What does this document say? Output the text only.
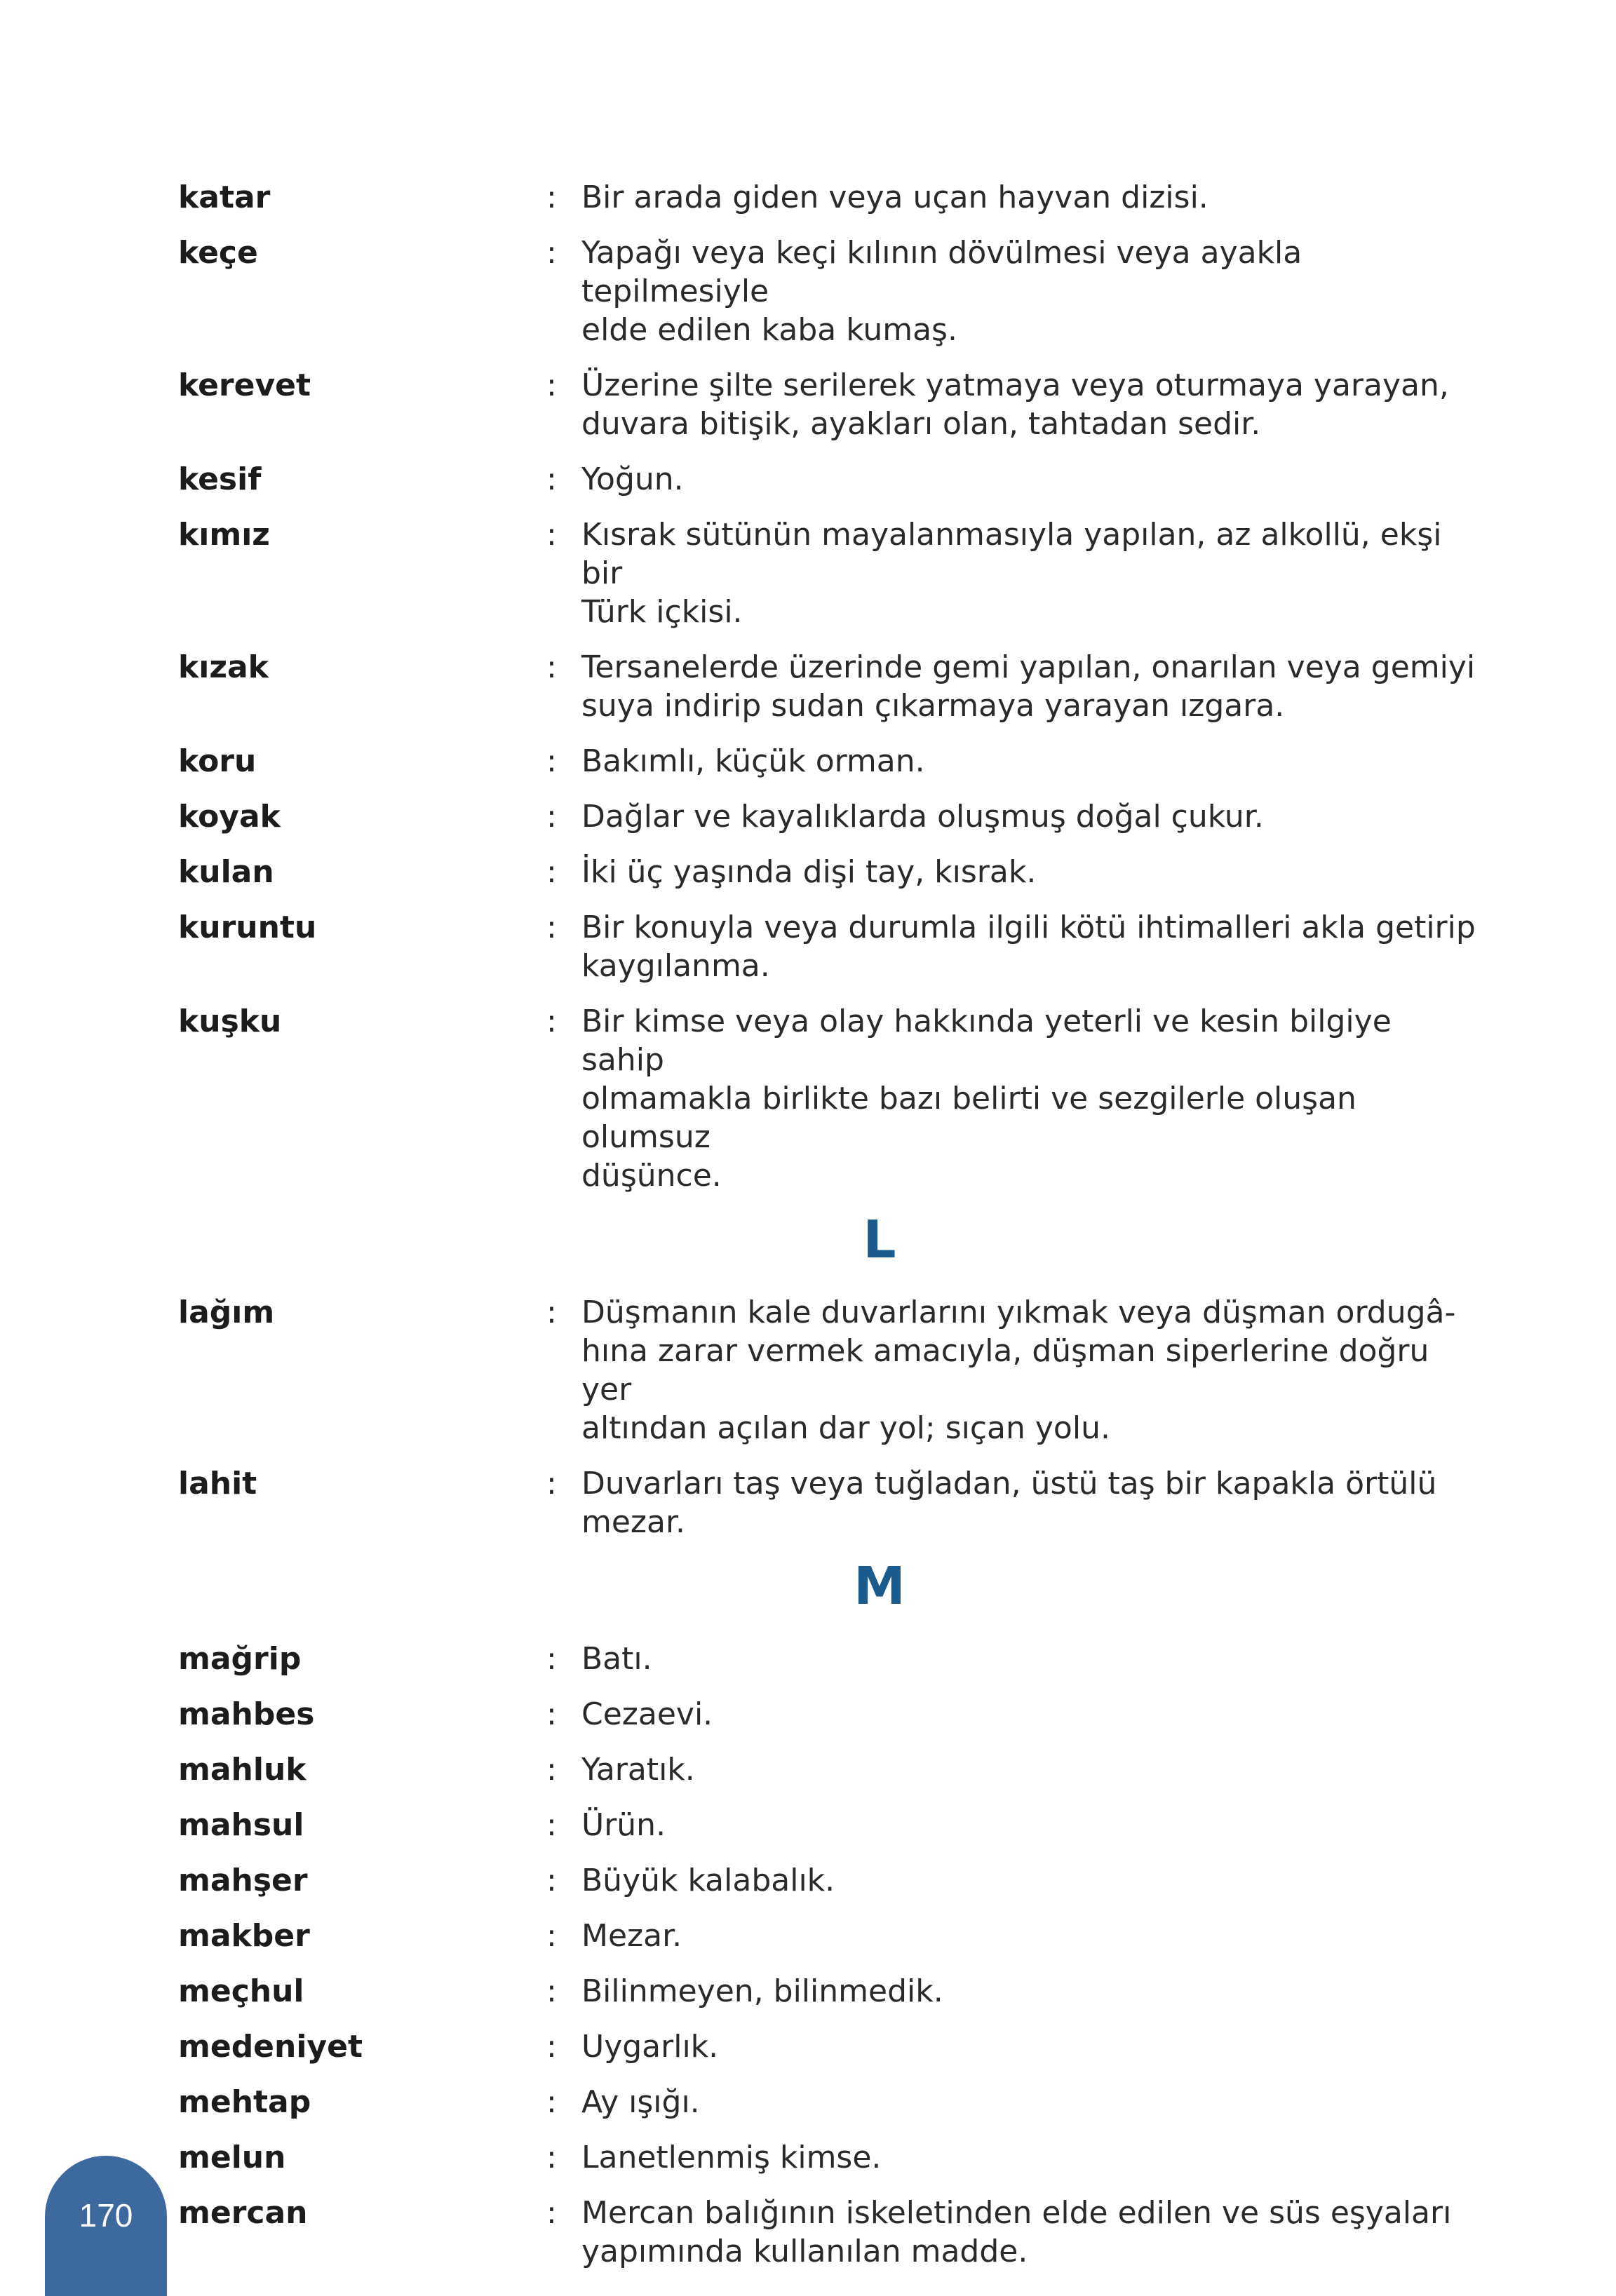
katar	: Bir arada giden veya uçan hayvan dizisi.
keçe	: Yapağı veya keçi kılının dövülmesi veya ayakla tepilmesiyle
elde edilen kaba kumaş.
kerevet	: Üzerine şilte serilerek yatmaya veya oturmaya yarayan,
duvara bitişik, ayakları olan, tahtadan sedir.
kesif	: Yoğun.
kımız	: Kısrak sütünün mayalanmasıyla yapılan, az alkollü, ekşi bir
Türk içkisi.
kızak	: Tersanelerde üzerinde gemi yapılan, onarılan veya gemiyi
suya indirip sudan çıkarmaya yarayan ızgara.
koru	: Bakımlı, küçük orman.
koyak	: Dağlar ve kayalıklarda oluşmuş doğal çukur.
kulan	: İki üç yaşında dişi tay, kısrak.
kuruntu	: Bir konuyla veya durumla ilgili kötü ihtimalleri akla getirip
kaygılanma.
kuşku	: Bir kimse veya olay hakkında yeterli ve kesin bilgiye sahip
olmamakla birlikte bazı belirti ve sezgilerle oluşan olumsuz
düşünce.
L
lağım	: Düşmanın kale duvarlarını yıkmak veya düşman ordugâ-
hına zarar vermek amacıyla, düşman siperlerine doğru yer
altından açılan dar yol; sıçan yolu.
lahit	: Duvarları taş veya tuğladan, üstü taş bir kapakla örtülü
mezar.
M
mağrip	: Batı.
mahbes	: Cezaevi.
mahluk	: Yaratık.
mahsul	: Ürün.
mahşer	: Büyük kalabalık.
makber	: Mezar.
meçhul	: Bilinmeyen, bilinmedik.
medeniyet	: Uygarlık.
mehtap	: Ay ışığı.
melun	: Lanetlenmiş kimse.
mercan	: Mercan balığının iskeletinden elde edilen ve süs eşyaları
yapımında kullanılan madde.
170
